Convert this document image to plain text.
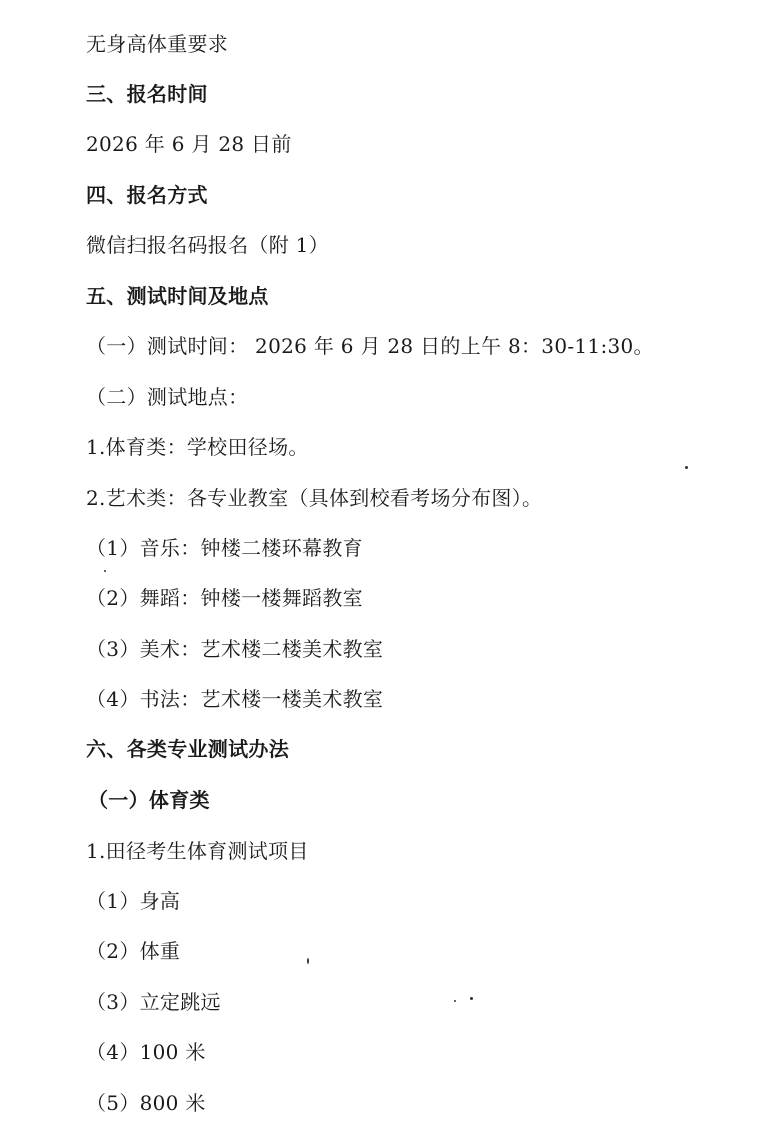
无身高体重要求
三、报名时间
2026 年 6 月 28 日前
四、报名方式
微信扫报名码报名（附 1）
五、测试时间及地点
（一）测试时间： 2026 年 6 月 28 日的上午 8：30-11:30。
（二）测试地点：
1.体育类：学校田径场。
2.艺术类：各专业教室（具体到校看考场分布图）。
（1）音乐：钟楼二楼环幕教育
（2）舞蹈：钟楼一楼舞蹈教室
（3）美术：艺术楼二楼美术教室
（4）书法：艺术楼一楼美术教室
六、各类专业测试办法
（一）体育类
1.田径考生体育测试项目
（1）身高
（2）体重
（3）立定跳远
（4）100 米
（5）800 米
